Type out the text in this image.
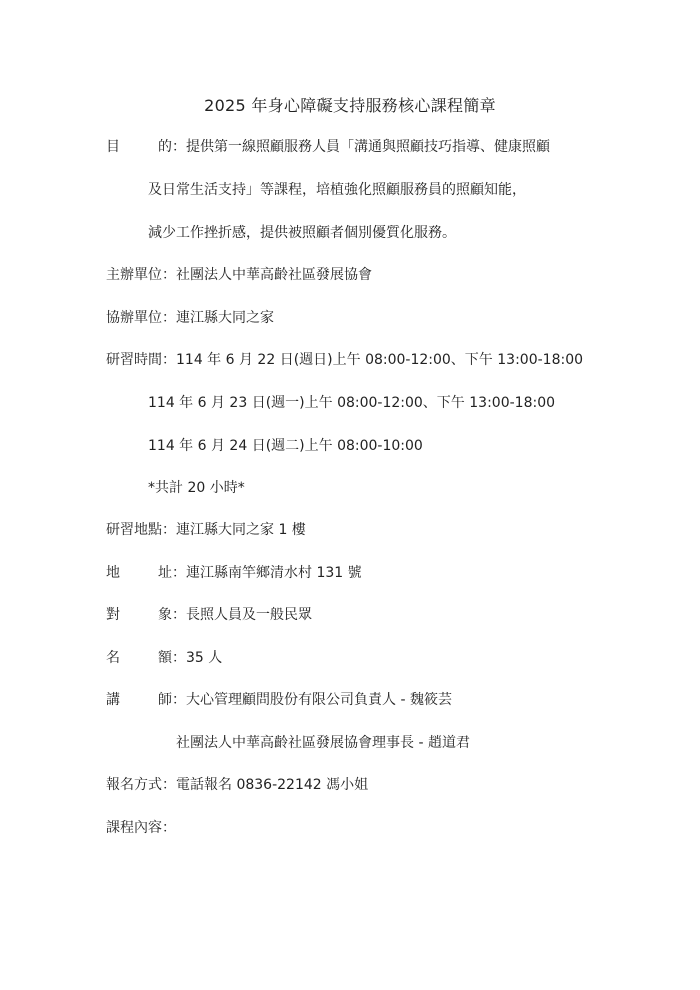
2025 年身心障礙支持服務核心課程簡章
目	的 ：提供第一線照顧服務人員「溝通與照顧技巧指導、健康照顧
及日常生活支持」等課程，培植強化照顧服務員的照顧知能，
減少工作挫折感，提供被照顧者個別優質化服務。
主辦單位：社團法人中華高齡社區發展協會
協辦單位：連江縣大同之家
研習時間：114 年 6 月 22 日(週日)上午 08:00-12:00、下午 13:00-18:00
114 年 6 月 23 日(週一)上午 08:00-12:00、下午 13:00-18:00
114 年 6 月 24 日(週二)上午 08:00-10:00
*共計 20 小時*
研習地點：連江縣大同之家 1 樓
地	址 ：連江縣南竿鄉清水村 131 號
對	象 ：長照人員及一般民眾
名	額 ：35 人
講	師 ：大心管理顧問股份有限公司負責人 - 魏筱芸
社團法人中華高齡社區發展協會理事長 - 趙道君
報名方式：電話報名 0836-22142 馮小姐
課程內容：
